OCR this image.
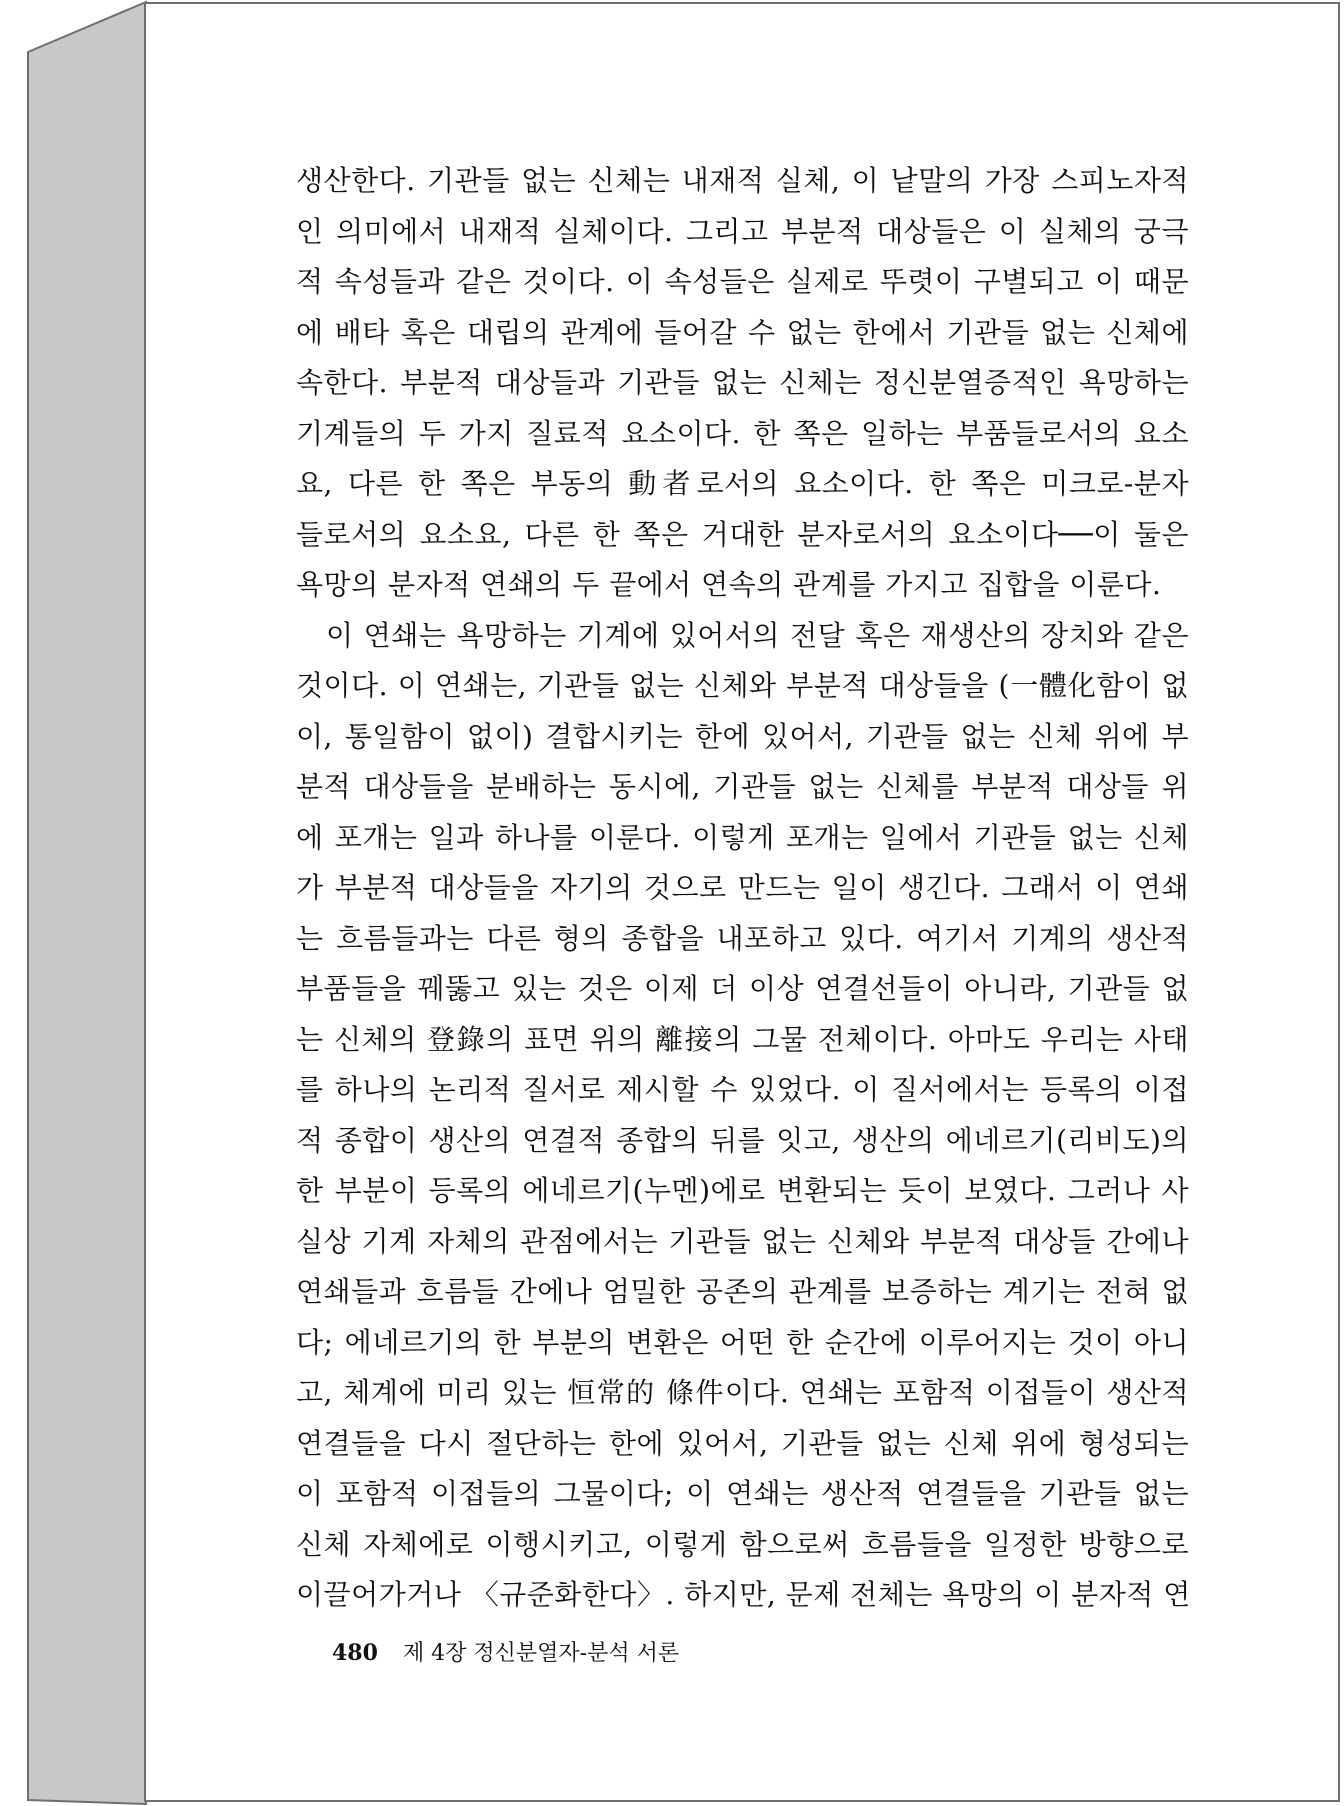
생산한다. 기관들 없는 신체는 내재적 실체, 이 낱말의 가장 스피노자적
인 의미에서 내재적 실체이다. 그리고 부분적 대상들은 이 실체의 궁극
적 속성들과 같은 것이다. 이 속성들은 실제로 뚜렷이 구별되고 이 때문
에 배타 혹은 대립의 관계에 들어갈 수 없는 한에서 기관들 없는 신체에
속한다. 부분적 대상들과 기관들 없는 신체는 정신분열증적인 욕망하는
기계들의 두 가지 질료적 요소이다. 한 쪽은 일하는 부품들로서의 요소
요, 다른 한 쪽은 부동의 動者로서의 요소이다. 한 쪽은 미크로-분자
들로서의 요소요, 다른 한 쪽은 거대한 분자로서의 요소이다──이 둘은
욕망의 분자적 연쇄의 두 끝에서 연속의 관계를 가지고 집합을 이룬다.
이 연쇄는 욕망하는 기계에 있어서의 전달 혹은 재생산의 장치와 같은
것이다. 이 연쇄는, 기관들 없는 신체와 부분적 대상들을 (一體化함이 없
이, 통일함이 없이) 결합시키는 한에 있어서, 기관들 없는 신체 위에 부
분적 대상들을 분배하는 동시에, 기관들 없는 신체를 부분적 대상들 위
에 포개는 일과 하나를 이룬다. 이렇게 포개는 일에서 기관들 없는 신체
가 부분적 대상들을 자기의 것으로 만드는 일이 생긴다. 그래서 이 연쇄
는 흐름들과는 다른 형의 종합을 내포하고 있다. 여기서 기계의 생산적
부품들을 꿰뚫고 있는 것은 이제 더 이상 연결선들이 아니라, 기관들 없
는 신체의 登錄의 표면 위의 離接의 그물 전체이다. 아마도 우리는 사태
를 하나의 논리적 질서로 제시할 수 있었다. 이 질서에서는 등록의 이접
적 종합이 생산의 연결적 종합의 뒤를 잇고, 생산의 에네르기(리비도)의
한 부분이 등록의 에네르기(누멘)에로 변환되는 듯이 보였다. 그러나 사
실상 기계 자체의 관점에서는 기관들 없는 신체와 부분적 대상들 간에나
연쇄들과 흐름들 간에나 엄밀한 공존의 관계를 보증하는 계기는 전혀 없
다; 에네르기의 한 부분의 변환은 어떤 한 순간에 이루어지는 것이 아니
고, 체계에 미리 있는 恒常的 條件이다. 연쇄는 포함적 이접들이 생산적
연결들을 다시 절단하는 한에 있어서, 기관들 없는 신체 위에 형성되는
이 포함적 이접들의 그물이다; 이 연쇄는 생산적 연결들을 기관들 없는
신체 자체에로 이행시키고, 이렇게 함으로써 흐름들을 일정한 방향으로
이끌어가거나 〈규준화한다〉. 하지만, 문제 전체는 욕망의 이 분자적 연
480 제 4장 정신분열자-분석 서론
